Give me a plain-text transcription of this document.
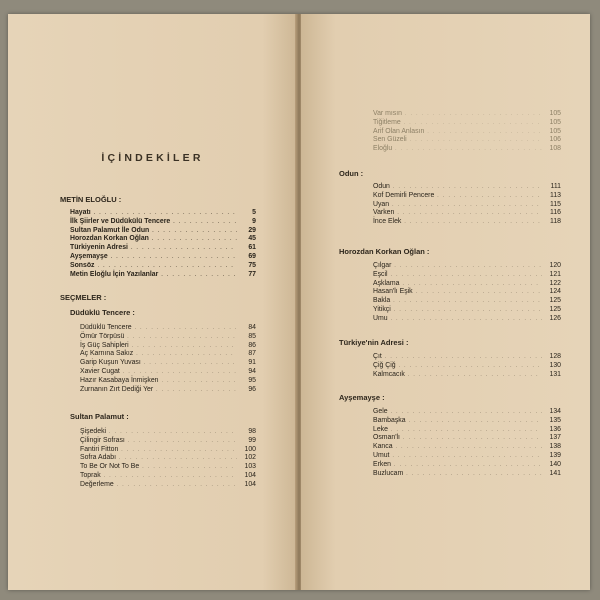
İÇİNDEKİLER
METİN ELOĞLU :
Hayatı . . .	5
İlk Şiirler ve Düdükülü Tencere . . .	9
Sultan Palamut İle Odun . . .	29
Horozdan Korkan Oğlan . . .	45
Türkiyenin Adresi . . .	61
Ayşemayşe . . .	69
Sonsöz . . .	75
Metin Eloğlu İçin Yazılanlar . . .	77
SEÇMELER :
Düdüklü Tencere :
Düdüklü Tencere . . .	84
Ömür Törpüsü . . .	85
İş Güç Sahipleri . . .	86
Aç Karnına Sakız . . .	87
Garip Kuşun Yuvası . . .	91
Xavier Cugat . . .	94
Hazır Kasabaya İnmişken . . .	95
Zurnanın Zırt Dediği Yer . . .	96
Sultan Palamut :
Şişedeki . . .	98
Çilingir Sofrası . . .	99
Fantiri Fitton . . .	100
Sofra Adabı . . .	102
To Be Or Not To Be . . .	103
Toprak . . .	104
Değerleme . . .	104
Var mısın . . .	105
Tiğitleme . . .	105
Arif Olan Anlasın . . .	105
Sen Güzeli . . .	106
Eloğlu . . .	108
Odun :
Odun . . .	111
Kof Demirli Pencere . . .	113
Uyan . . .	115
Varken . . .	116
İnce Elek . . .	118
Horozdan Korkan Oğlan :
Çılgar . . .	120
Eşcil . . .	121
Aşklama . . .	122
Hasan'lı Eşik . . .	124
Bakla . . .	125
Yitikçi . . .	125
Umu . . .	126
Türkiye'nin Adresi :
Çıt . . .	128
Çiğ Çiğ . . .	130
Kalmcacık . . .	131
Ayşemayşe :
Gele . . .	134
Bambaşka . . .	135
Leke . . .	136
Osman'lı . . .	137
Kanca . . .	138
Umut . . .	139
Erken . . .	140
Buzlucam . . .	141
